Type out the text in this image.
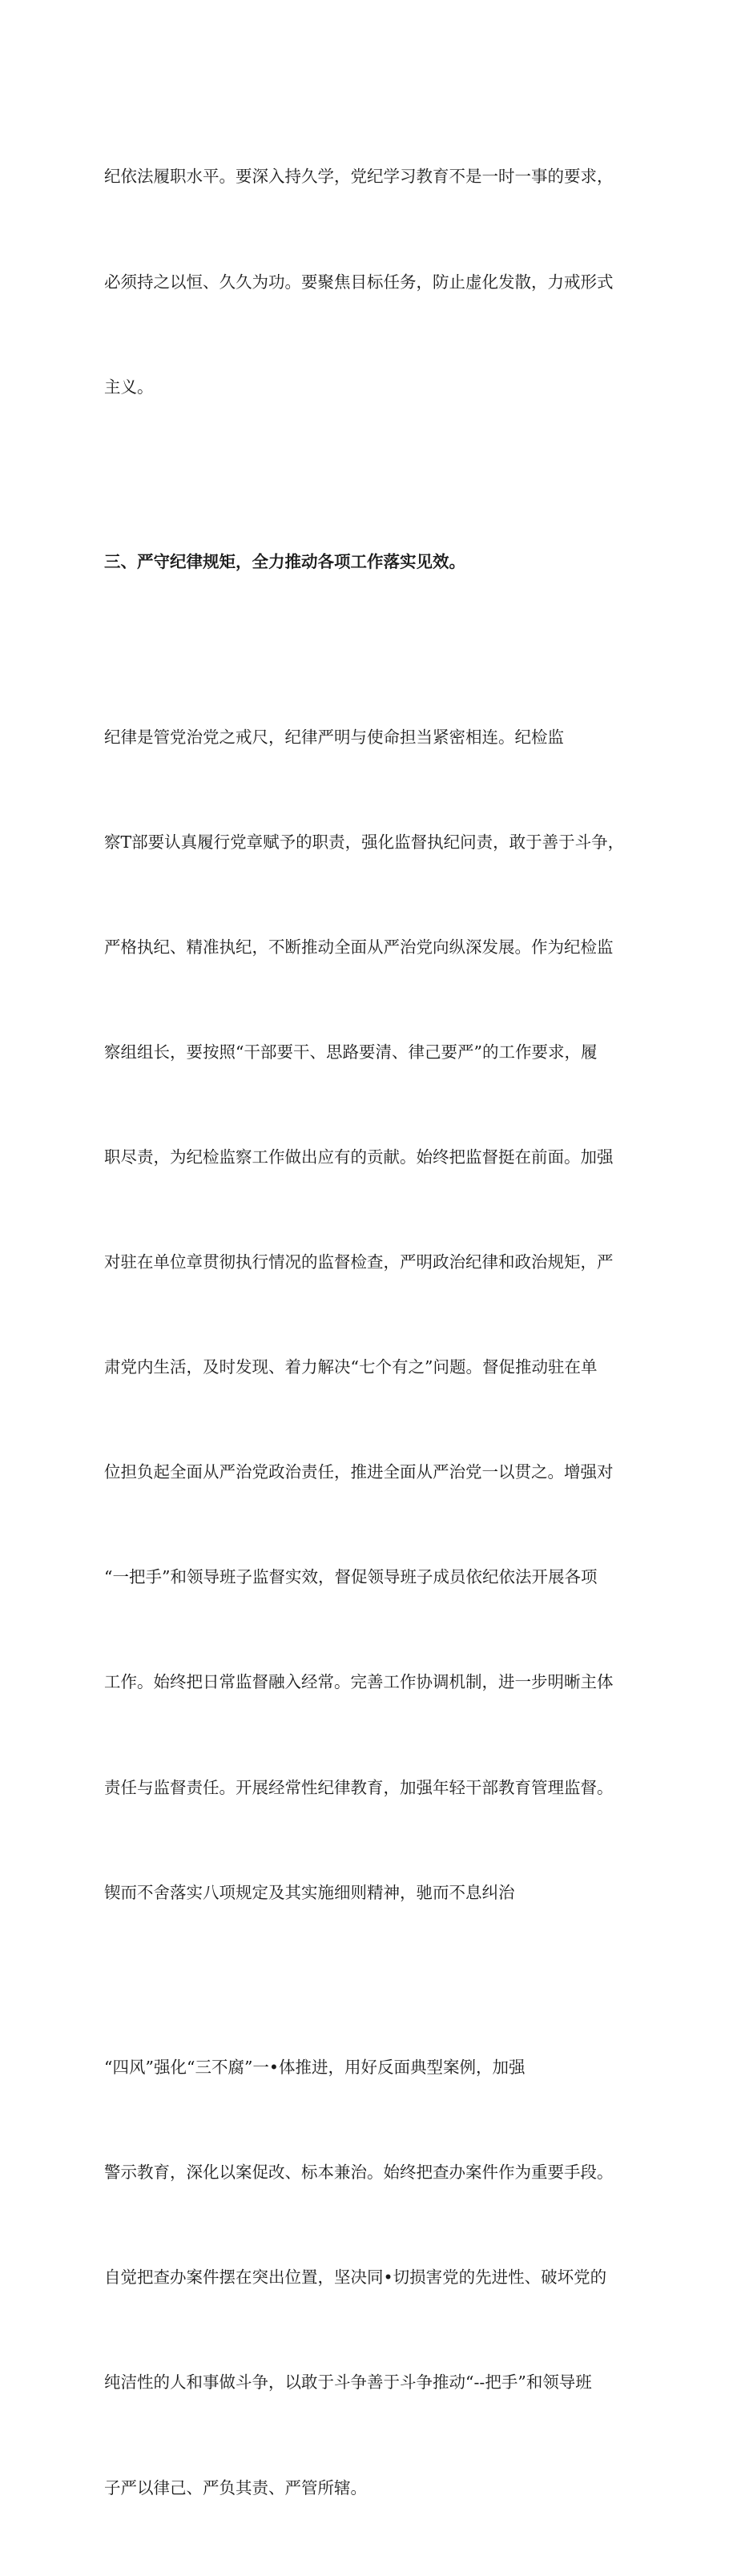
纪依法履职水平。要深入持久学，党纪学习教育不是一时一事的要求，

必须持之以恒、久久为功。要聚焦目标任务，防止虚化发散，力戒形式

主义。

三、严守纪律规矩，全力推动各项工作落实见效。

纪律是管党治党之戒尺，纪律严明与使命担当紧密相连。纪检监

察T部要认真履行党章赋予的职责，强化监督执纪问责，敢于善于斗争，

严格执纪、精准执纪，不断推动全面从严治党向纵深发展。作为纪检监

察组组长，要按照“干部要干、思路要清、律己要严”的工作要求，履

职尽责，为纪检监察工作做出应有的贡献。始终把监督挺在前面。加强

对驻在单位章贯彻执行情况的监督检查，严明政治纪律和政治规矩，严

肃党内生活，及时发现、着力解决“七个有之”问题。督促推动驻在单

位担负起全面从严治党政治责任，推进全面从严治党一以贯之。增强对

“一把手”和领导班子监督实效，督促领导班子成员依纪依法开展各项

工作。始终把日常监督融入经常。完善工作协调机制，进一步明晰主体

责任与监督责任。开展经常性纪律教育，加强年轻干部教育管理监督。

锲而不舍落实八项规定及其实施细则精神，驰而不息纠治

“四风”强化“三不腐”一•体推进，用好反面典型案例，加强

警示教育，深化以案促改、标本兼治。始终把查办案件作为重要手段。

自觉把查办案件摆在突出位置，坚决同•切损害党的先进性、破坏党的

纯洁性的人和事做斗争，以敢于斗争善于斗争推动“--把手”和领导班

子严以律己、严负其责、严管所辖。
